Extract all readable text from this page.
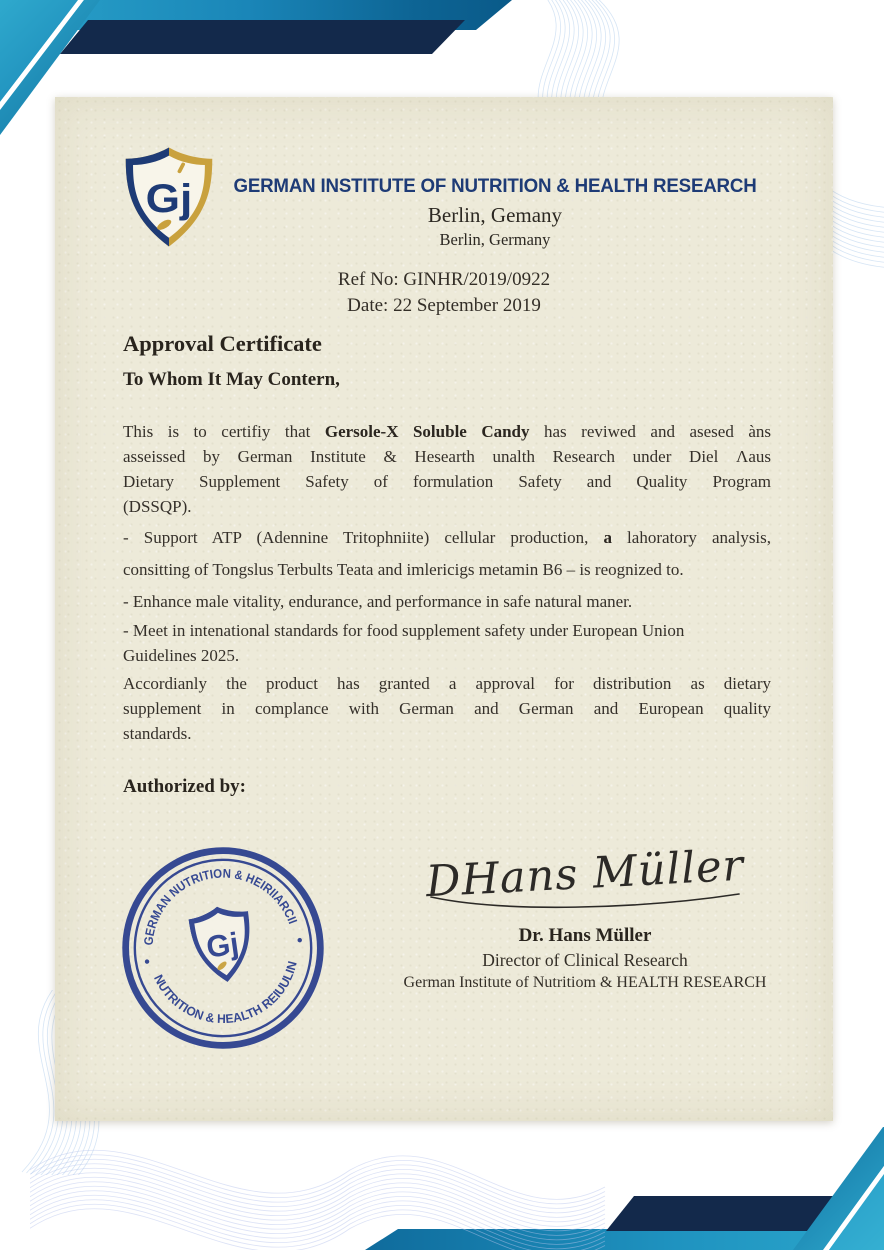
Gj	GERMAN INSTITUTE OF NUTRITION & HEALTH RESEARCH
Berlin, Gemany
Berlin, Germany
Ref No: GINHR/2019/0922
Date: 22 September 2019
Approval Certificate
To Whom It May Contern,
This is to certifiy that Gersole-X Soluble Candy has reviwed and asesed àns
asseissed by German Institute & Hesearth unalth Research under Diel Λaus
Dietary Supplement Safety of formulation Safety and Quality Program
(DSSQP).
- Support ATP (Adennine Tritophniite) cellular production, a lahoratory analysis,
consitting of Tongslus Terbults Teata and imlericigs metamin B6 – is reognized to.
- Enhance male vitality, endurance, and performance in safe natural maner.
- Meet in intenational standards for food supplement safety under European Union
Guidelines 2025.
Accordianly the product has granted a approval for distribution as dietary
supplement in complance with German and German and European quality
standards.
Authorized by:
GERMAN NUTRITION & HEIRIIARCII
NUTRITION & HEALTH REIUULIN
Gj
DHans Müller
Dr. Hans Müller
Director of Clinical Research
German Institute of Nutritiom & HEALTH RESEARCH
